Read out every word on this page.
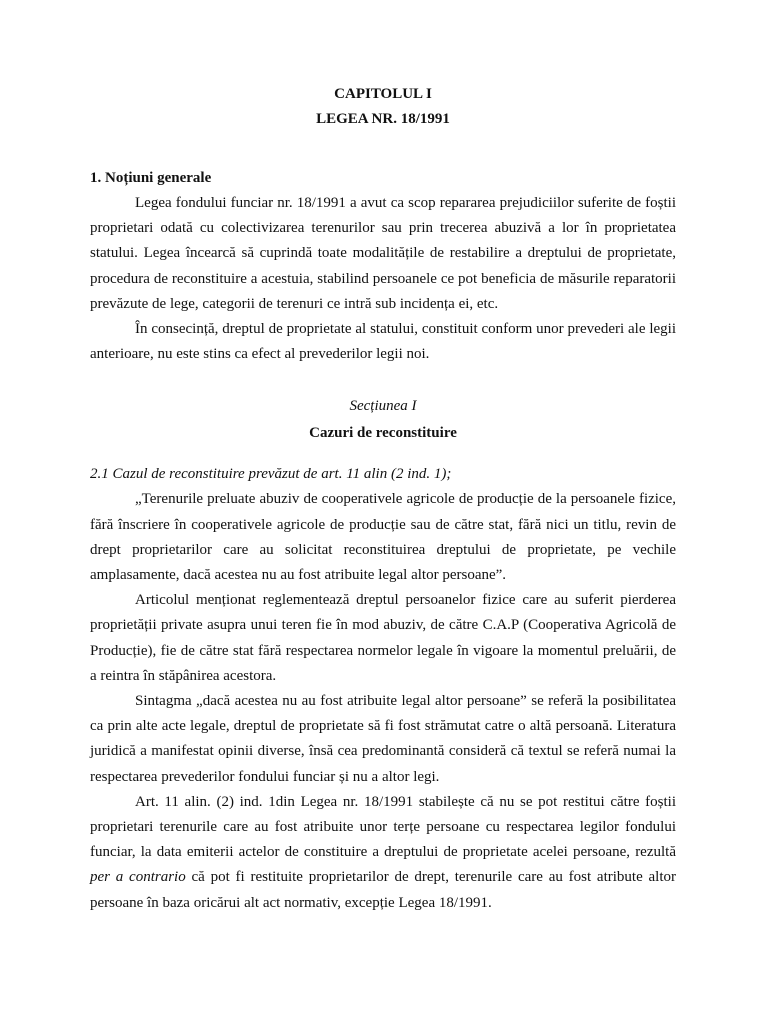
CAPITOLUL I
LEGEA NR. 18/1991
1. Noțiuni generale

Legea fondului funciar nr. 18/1991 a avut ca scop repararea prejudiciilor suferite de foștii proprietari odată cu colectivizarea terenurilor sau prin trecerea abuzivă a lor în proprietatea statului. Legea încearcă să cuprindă toate modalitățile de restabilire a dreptului de proprietate, procedura de reconstituire a acestuia, stabilind persoanele ce pot beneficia de măsurile reparatorii prevăzute de lege, categorii de terenuri ce intră sub incidența ei, etc.

În consecință, dreptul de proprietate al statului, constituit conform unor prevederi ale legii anterioare, nu este stins ca efect al prevederilor legii noi.

Secțiunea I
Cazuri de reconstituire
2.1 Cazul de reconstituire prevăzut de art. 11 alin (2 ind. 1);

„Terenurile preluate abuziv de cooperativele agricole de producție de la persoanele fizice, fără înscriere în cooperativele agricole de producție sau de către stat, fără nici un titlu, revin de drept proprietarilor care au solicitat reconstituirea dreptului de proprietate, pe vechile amplasamente, dacă acestea nu au fost atribuite legal altor persoane”.

Articolul menționat reglementează dreptul persoanelor fizice care au suferit pierderea proprietății private asupra unui teren fie în mod abuziv, de către C.A.P (Cooperativa Agricolă de Producție), fie de către stat fără respectarea normelor legale în vigoare la momentul preluării, de a reintra în stăpânirea acestora.

Sintagma „dacă acestea nu au fost atribuite legal altor persoane” se referă la posibilitatea ca prin alte acte legale, dreptul de proprietate să fi fost strămutat catre o altă persoană. Literatura juridică a manifestat opinii diverse, însă cea predominantă consideră că textul se referă numai la respectarea prevederilor fondului funciar și nu a altor legi.

Art. 11 alin. (2) ind. 1din Legea nr. 18/1991 stabilește că nu se pot restitui către foștii proprietari terenurile care au fost atribuite unor terțe persoane cu respectarea legilor fondului funciar, la data emiterii actelor de constituire a dreptului de proprietate acelei persoane, rezultă per a contrario că pot fi restituite proprietarilor de drept, terenurile care au fost atribute altor persoane în baza oricărui alt act normativ, excepție Legea 18/1991.
